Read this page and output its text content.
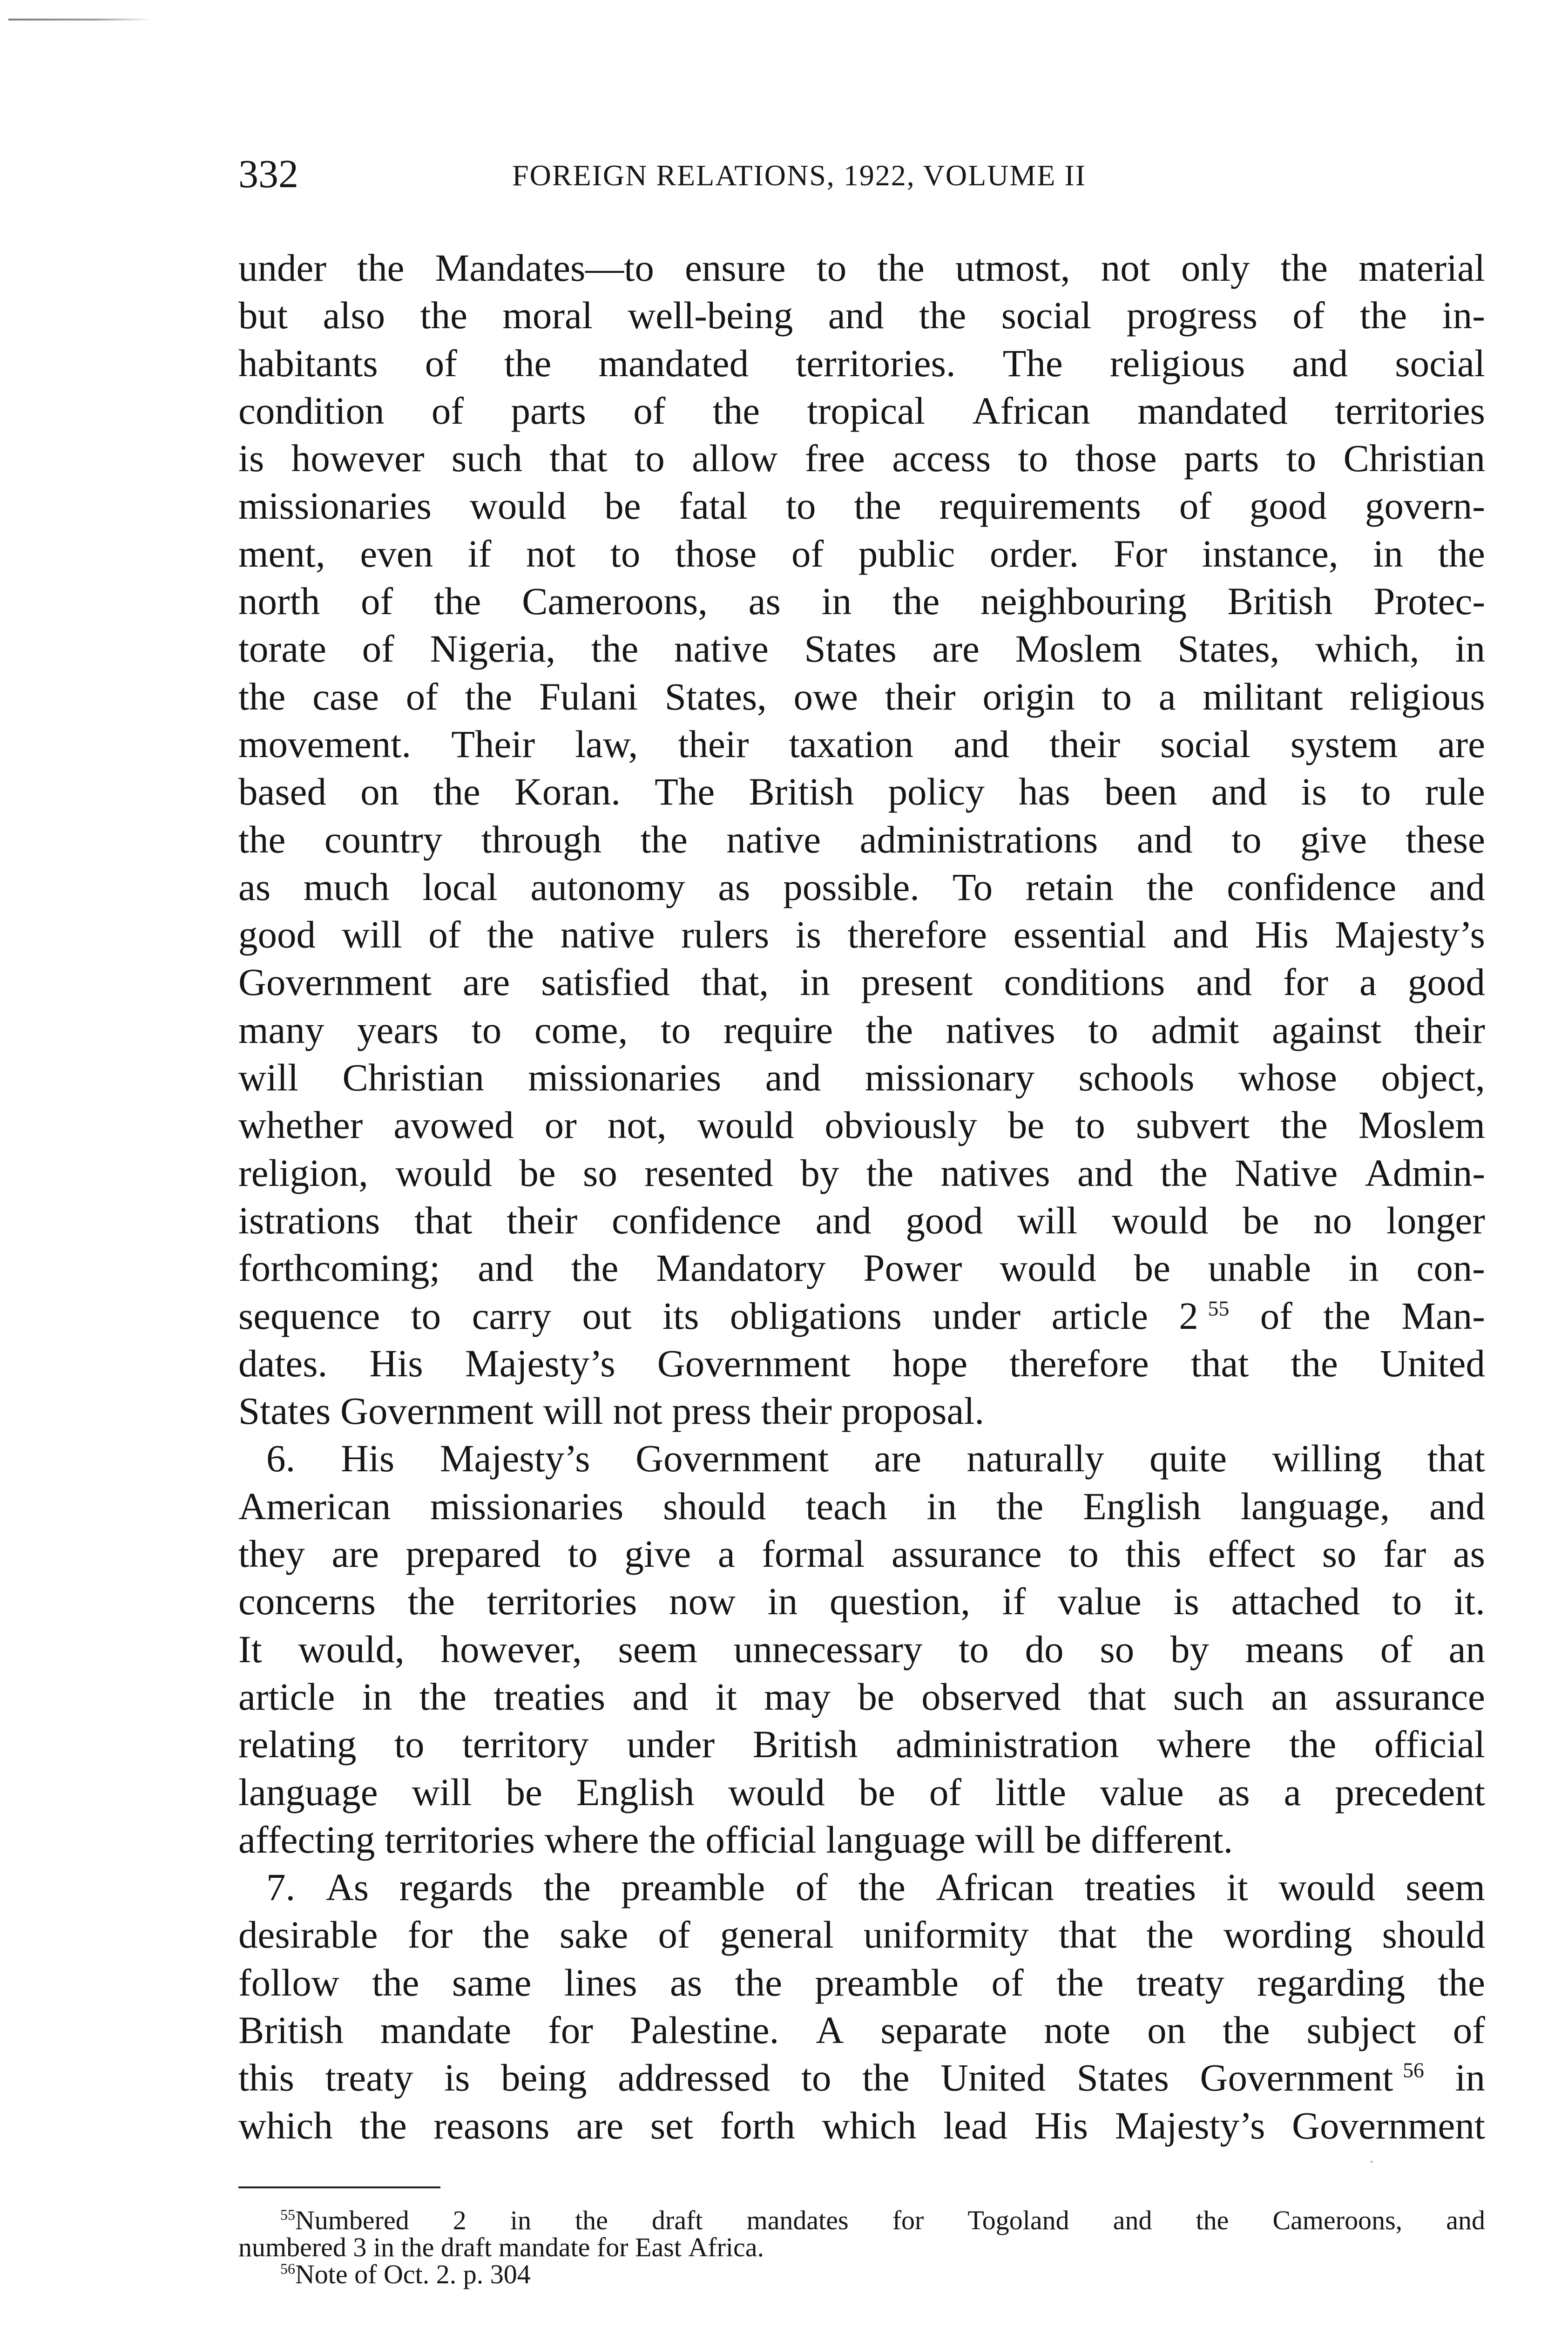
332	FOREIGN RELATIONS, 1922, VOLUME II
under the Mandates—to ensure to the utmost, not only the material
but also the moral well-being and the social progress of the in-
habitants of the mandated territories. The religious and social
condition of parts of the tropical African mandated territories
is however such that to allow free access to those parts to Christian
missionaries would be fatal to the requirements of good govern-
ment, even if not to those of public order. For instance, in the
north of the Cameroons, as in the neighbouring British Protec-
torate of Nigeria, the native States are Moslem States, which, in
the case of the Fulani States, owe their origin to a militant religious
movement. Their law, their taxation and their social system are
based on the Koran. The British policy has been and is to rule
the country through the native administrations and to give these
as much local autonomy as possible. To retain the confidence and
good will of the native rulers is therefore essential and His Majesty’s
Government are satisfied that, in present conditions and for a good
many years to come, to require the natives to admit against their
will Christian missionaries and missionary schools whose object,
whether avowed or not, would obviously be to subvert the Moslem
religion, would be so resented by the natives and the Native Admin-
istrations that their confidence and good will would be no longer
forthcoming; and the Mandatory Power would be unable in con-
sequence to carry out its obligations under article 2 $^{55}$ of the Man-
dates. His Majesty’s Government hope therefore that the United
States
Government
will
not
press
their
proposal.
6. His Majesty’s Government are naturally quite willing that
American missionaries should teach in the English language, and
they are prepared to give a formal assurance to this effect so far as
concerns the territories now in question, if value is attached to it.
It would, however, seem unnecessary to do so by means of an
article in the treaties and it may be observed that such an assurance
relating to territory under British administration where the official
language will be English would be of little value as a precedent
affecting
territories
where
the
official
language
will
be
different.
7. As regards the preamble of the African treaties it would seem
desirable for the sake of general uniformity that the wording should
follow the same lines as the preamble of the treaty regarding the
British mandate for Palestine. A separate note on the subject of
this treaty is being addressed to the United States Government $^{56}$ in
which the reasons are set forth which lead His Majesty’s Government
$^{55}$Numbered 2 in the draft mandates for Togoland and the Cameroons, and
numbered
3
in
the
draft
mandate
for
East
Africa.
$^{56}$Note
of
Oct.
2.
p.
304
